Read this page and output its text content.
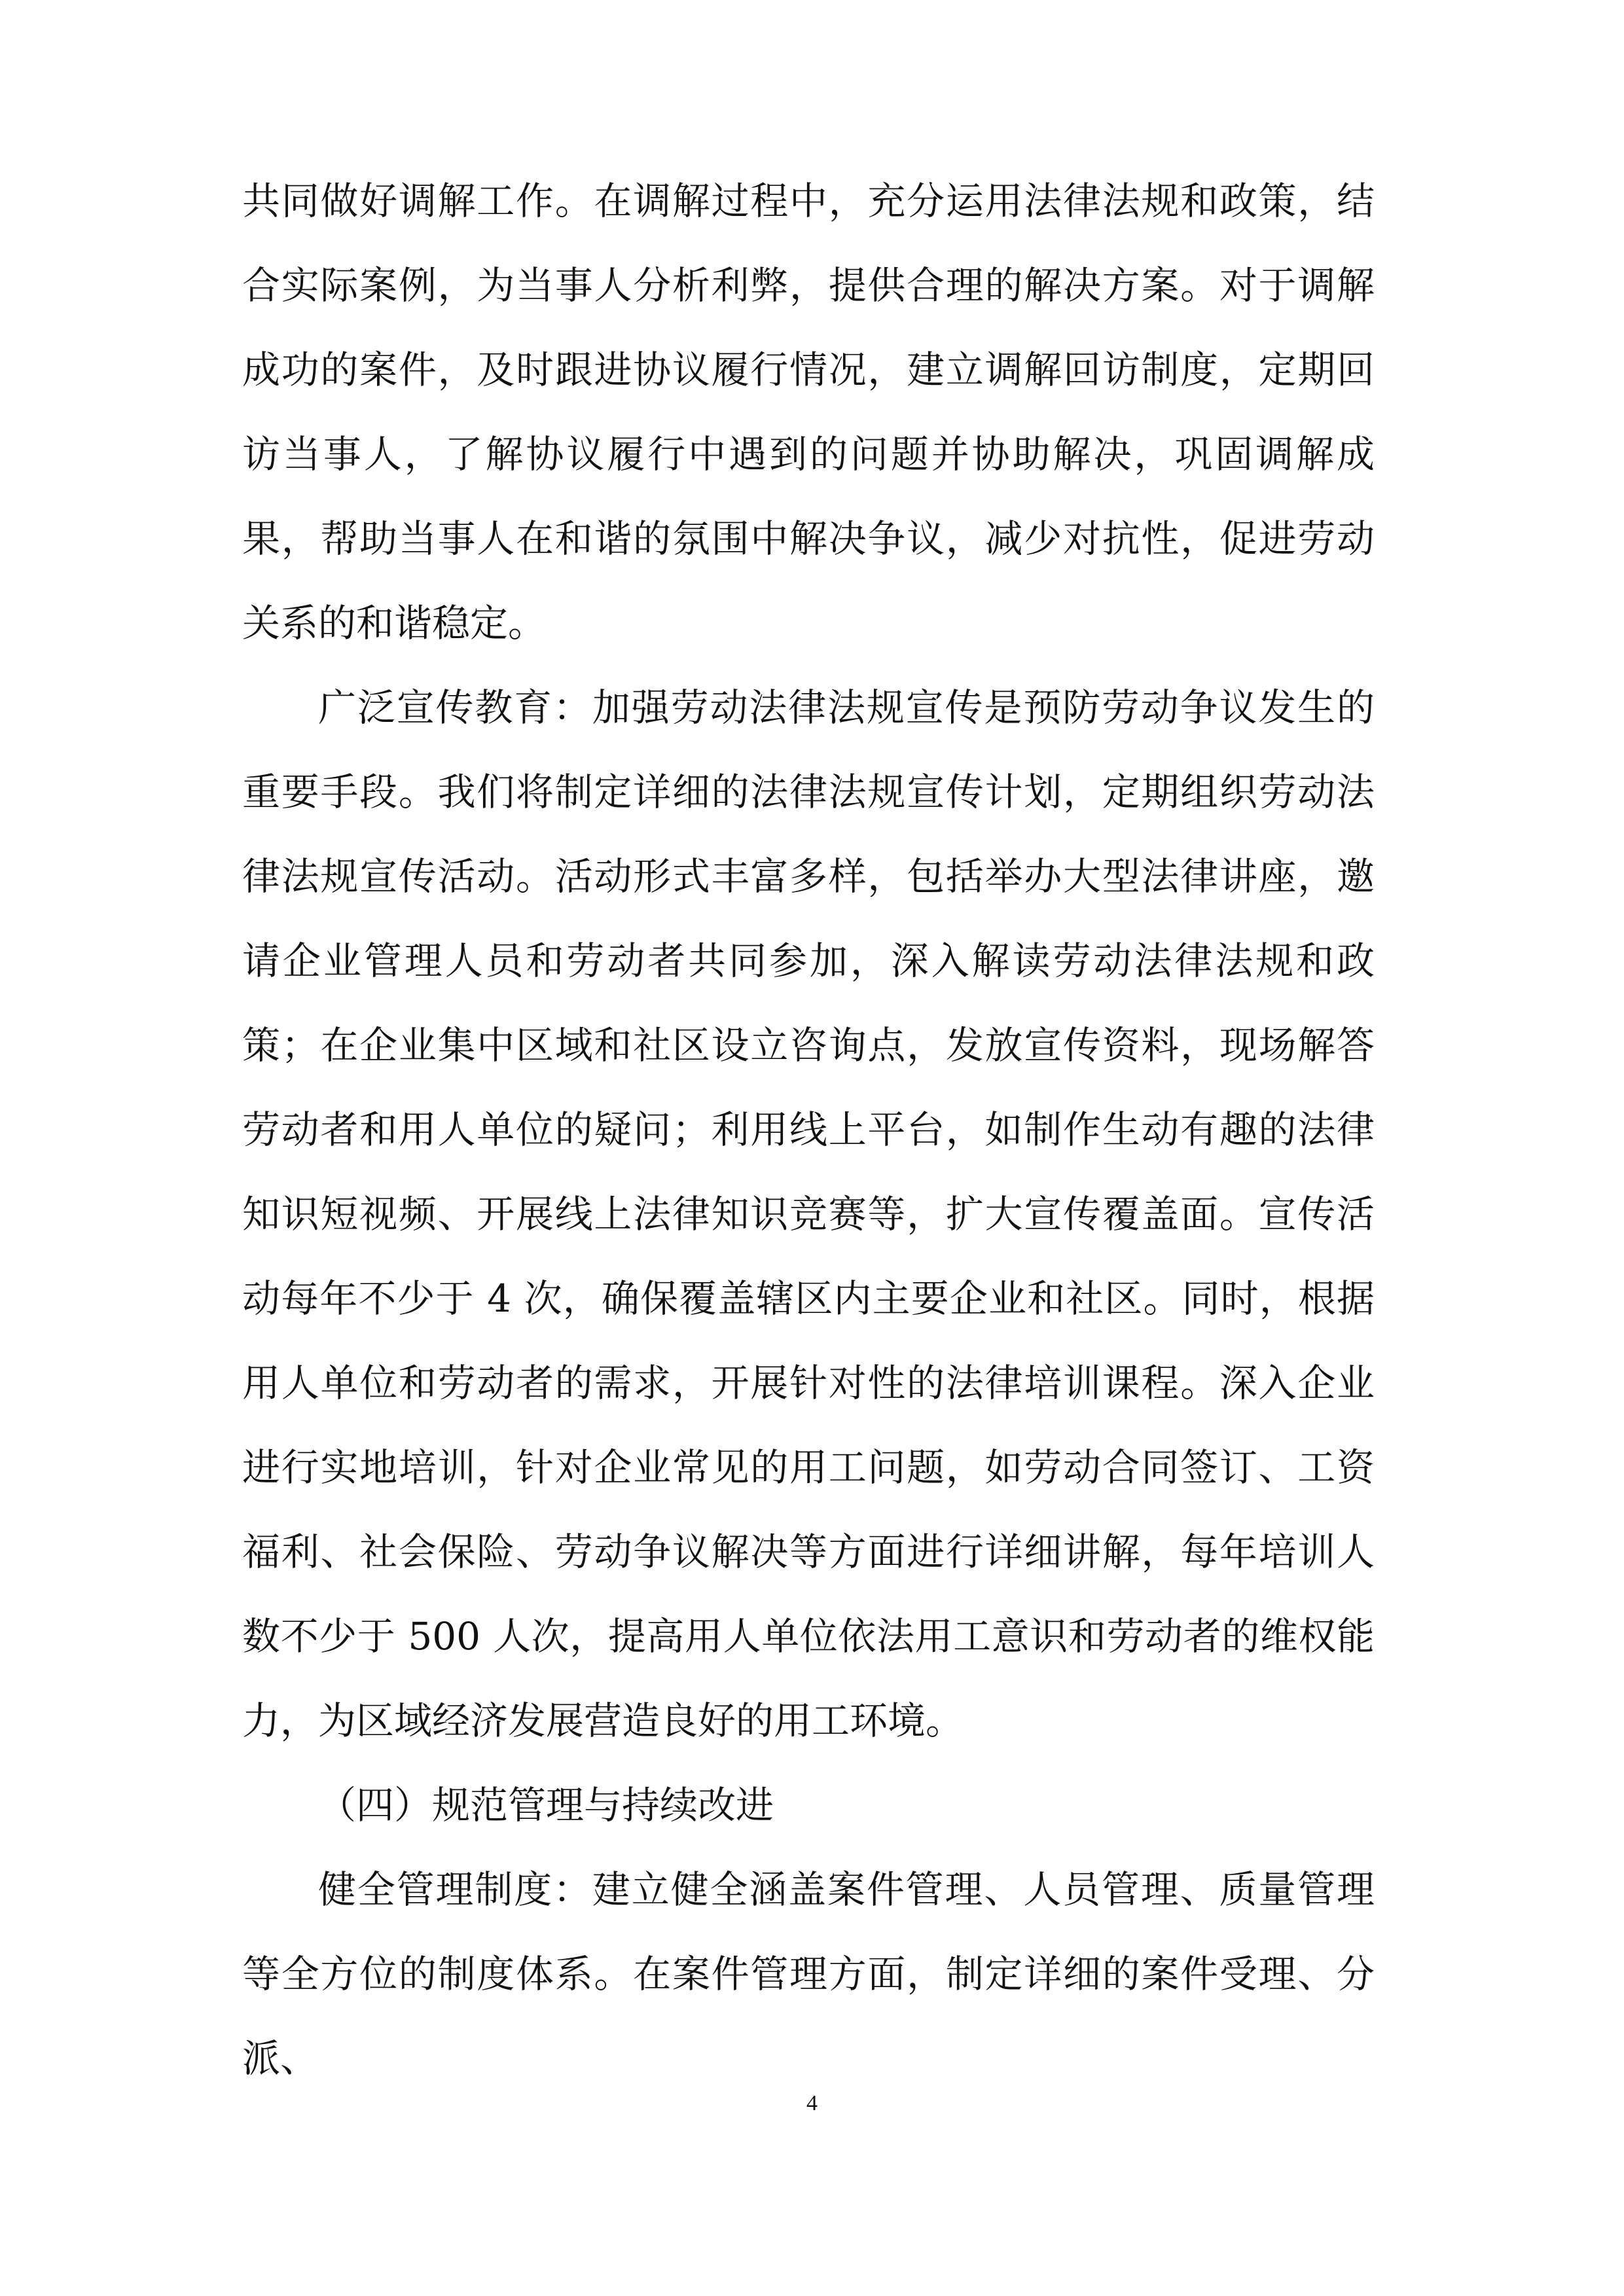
共同做好调解工作。在调解过程中，充分运用法律法规和政策，结合实际案例，为当事人分析利弊，提供合理的解决方案。对于调解成功的案件，及时跟进协议履行情况，建立调解回访制度，定期回访当事人，了解协议履行中遇到的问题并协助解决，巩固调解成果，帮助当事人在和谐的氛围中解决争议，减少对抗性，促进劳动关系的和谐稳定。

广泛宣传教育：加强劳动法律法规宣传是预防劳动争议发生的重要手段。我们将制定详细的法律法规宣传计划，定期组织劳动法律法规宣传活动。活动形式丰富多样，包括举办大型法律讲座，邀请企业管理人员和劳动者共同参加，深入解读劳动法律法规和政策；在企业集中区域和社区设立咨询点，发放宣传资料，现场解答劳动者和用人单位的疑问；利用线上平台，如制作生动有趣的法律知识短视频、开展线上法律知识竞赛等，扩大宣传覆盖面。宣传活动每年不少于 4 次，确保覆盖辖区内主要企业和社区。同时，根据用人单位和劳动者的需求，开展针对性的法律培训课程。深入企业进行实地培训，针对企业常见的用工问题，如劳动合同签订、工资福利、社会保险、劳动争议解决等方面进行详细讲解，每年培训人数不少于 500 人次，提高用人单位依法用工意识和劳动者的维权能力，为区域经济发展营造良好的用工环境。

（四）规范管理与持续改进

健全管理制度：建立健全涵盖案件管理、人员管理、质量管理等全方位的制度体系。在案件管理方面，制定详细的案件受理、分派、

4
